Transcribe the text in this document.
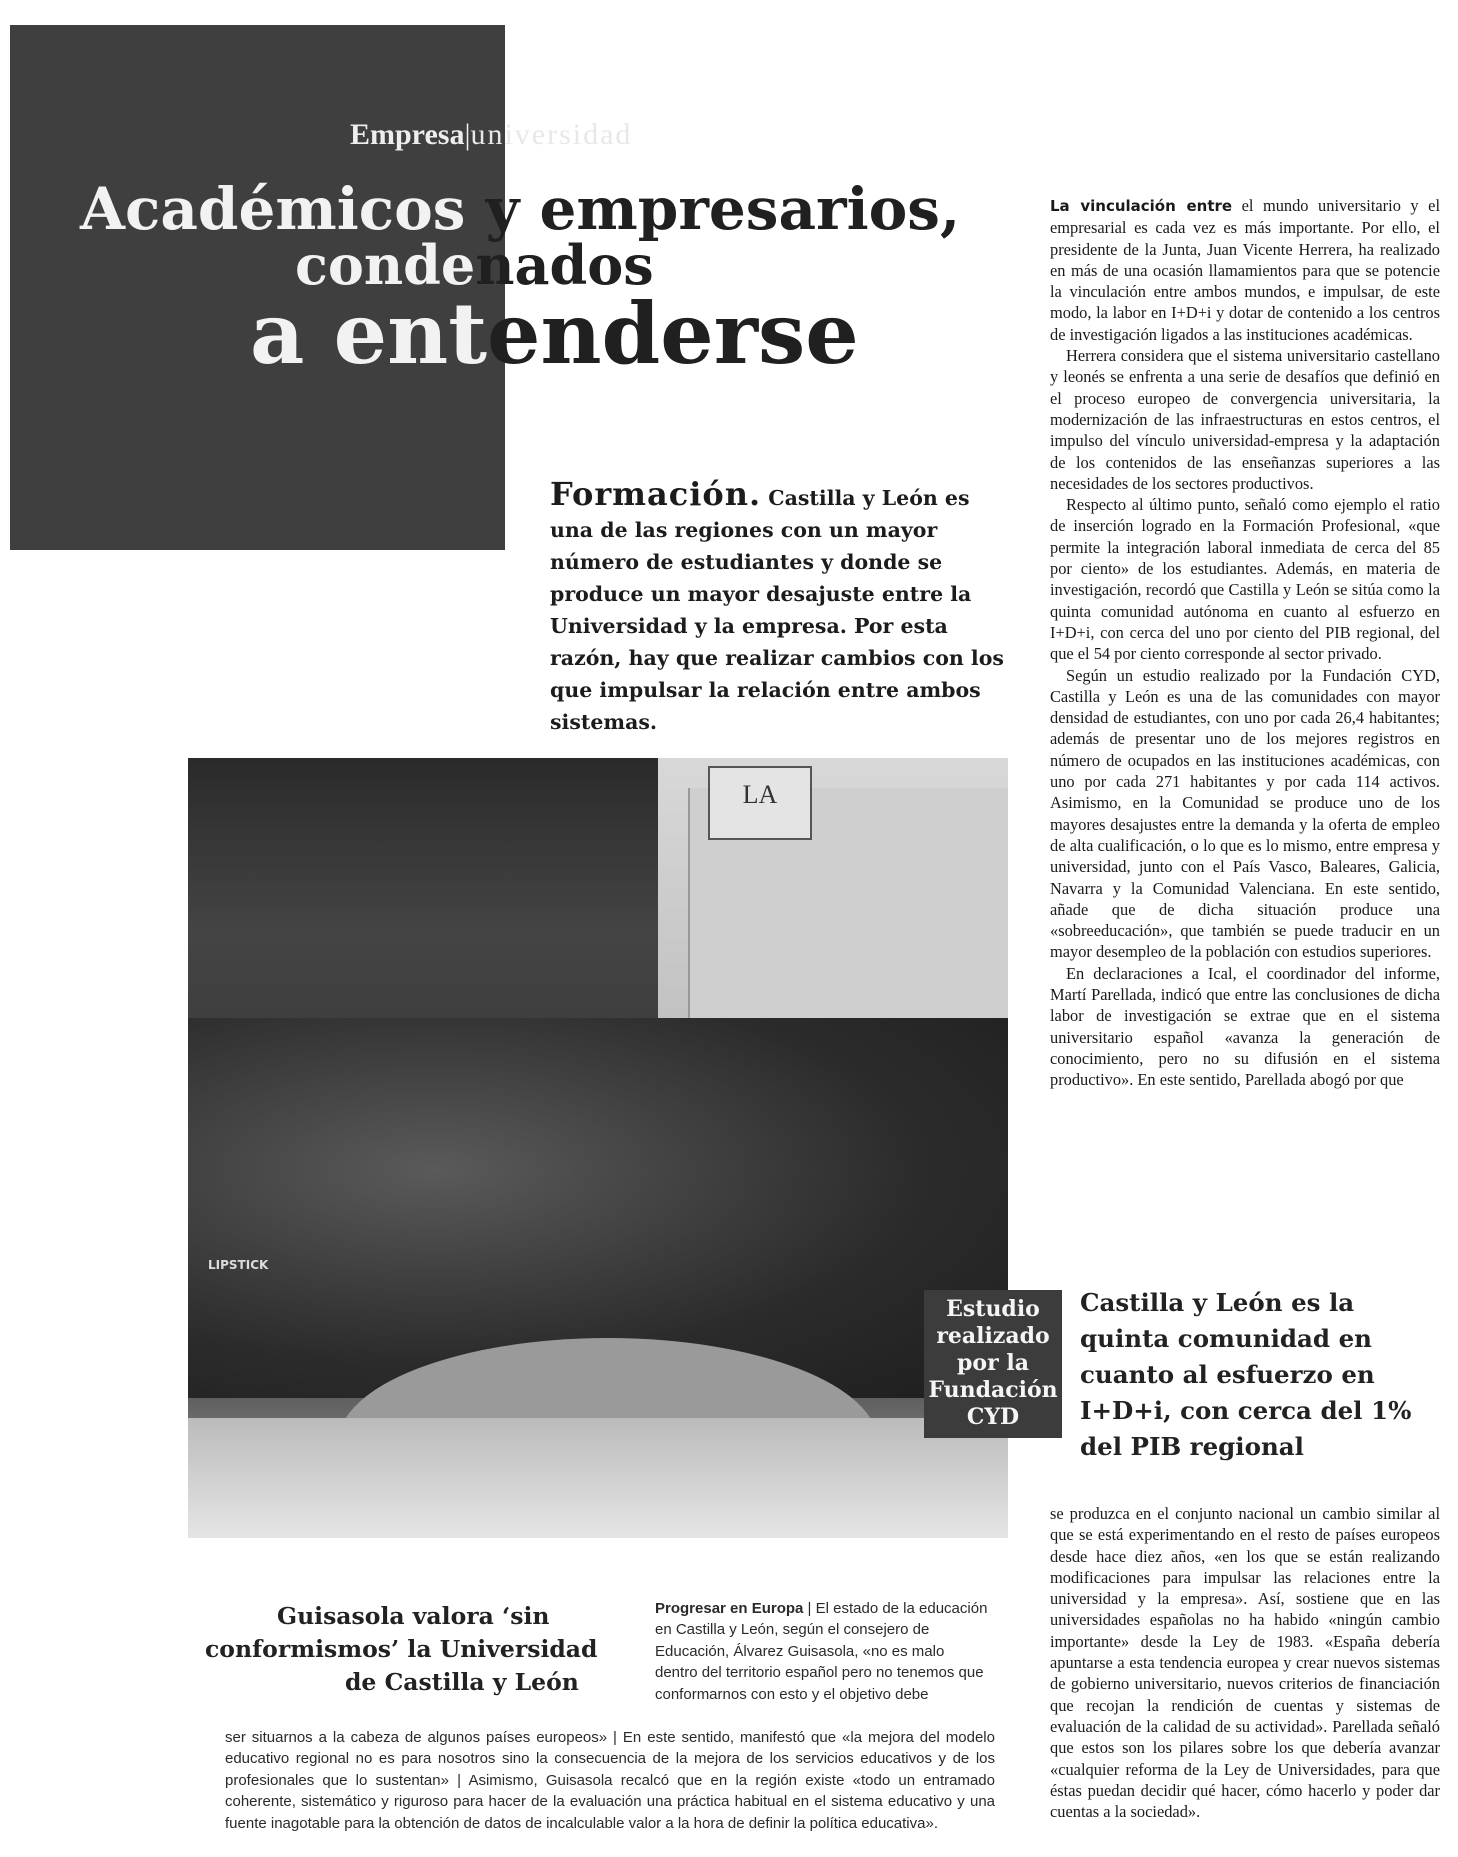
Empresa|universidad
Académicos y empresarios,
condenados
a entenderse
Formación. Castilla y León es una de las regiones con un mayor número de estudiantes y donde se produce un mayor desajuste entre la Universidad y la empresa. Por esta razón, hay que realizar cambios con los que impulsar la relación entre ambos sistemas.

La vinculación entre el mundo universitario y el empresarial es cada vez es más importante. Por ello, el presidente de la Junta, Juan Vicente Herrera, ha realizado en más de una ocasión llamamientos para que se potencie la vinculación entre ambos mundos, e impulsar, de este modo, la labor en I+D+i y dotar de contenido a los centros de investigación ligados a las instituciones académicas.

Herrera considera que el sistema universitario castellano y leonés se enfrenta a una serie de desafíos que definió en el proceso europeo de convergencia universitaria, la modernización de las infraestructuras en estos centros, el impulso del vínculo universidad-empresa y la adaptación de los contenidos de las enseñanzas superiores a las necesidades de los sectores productivos.

Respecto al último punto, señaló como ejemplo el ratio de inserción logrado en la Formación Profesional, «que permite la integración laboral inmediata de cerca del 85 por ciento» de los estudiantes. Además, en materia de investigación, recordó que Castilla y León se sitúa como la quinta comunidad autónoma en cuanto al esfuerzo en I+D+i, con cerca del uno por ciento del PIB regional, del que el 54 por ciento corresponde al sector privado.

Según un estudio realizado por la Fundación CYD, Castilla y León es una de las comunidades con mayor densidad de estudiantes, con uno por cada 26,4 habitantes; además de presentar uno de los mejores registros en número de ocupados en las instituciones académicas, con uno por cada 271 habitantes y por cada 114 activos. Asimismo, en la Comunidad se produce uno de los mayores desajustes entre la demanda y la oferta de empleo de alta cualificación, o lo que es lo mismo, entre empresa y universidad, junto con el País Vasco, Baleares, Galicia, Navarra y la Comunidad Valenciana. En este sentido, añade que de dicha situación produce una «sobreeducación», que también se puede traducir en un mayor desempleo de la población con estudios superiores.

En declaraciones a Ical, el coordinador del informe, Martí Parellada, indicó que entre las conclusiones de dicha labor de investigación se extrae que en el sistema universitario español «avanza la generación de conocimiento, pero no su difusión en el sistema productivo». En este sentido, Parellada abogó por que

LA
LIPSTICK
Estudio
realizado
por la
Fundación
CYD
Castilla y León es la quinta comunidad en cuanto al esfuerzo en I+D+i, con cerca del 1% del PIB regional

se produzca en el conjunto nacional un cambio similar al que se está experimentando en el resto de países europeos desde hace diez años, «en los que se están realizando modificaciones para impulsar las relaciones entre la universidad y la empresa». Así, sostiene que en las universidades españolas no ha habido «ningún cambio importante» desde la Ley de 1983. «España debería apuntarse a esta tendencia europea y crear nuevos sistemas de gobierno universitario, nuevos criterios de financiación que recojan la rendición de cuentas y sistemas de evaluación de la calidad de su actividad». Parellada señaló que estos son los pilares sobre los que debería avanzar «cualquier reforma de la Ley de Universidades, para que éstas puedan decidir qué hacer, cómo hacerlo y poder dar cuentas a la sociedad».

Guisasola valora ‘sin
conformismos’ la Universidad
de Castilla y León
Progresar en Europa | El estado de la educación en Castilla y León, según el consejero de Educación, Álvarez Guisasola, «no es malo dentro del territorio español pero no tenemos que conformarnos con esto y el objetivo debe
ser situarnos a la cabeza de algunos países europeos» | En este sentido, manifestó que «la mejora del modelo educativo regional no es para nosotros sino la consecuencia de la mejora de los servicios educativos y de los profesionales que lo sustentan» | Asimismo, Guisasola recalcó que en la región existe «todo un entramado coherente, sistemático y riguroso para hacer de la evaluación una práctica habitual en el sistema educativo y una fuente inagotable para la obtención de datos de incalculable valor a la hora de definir la política educativa».
